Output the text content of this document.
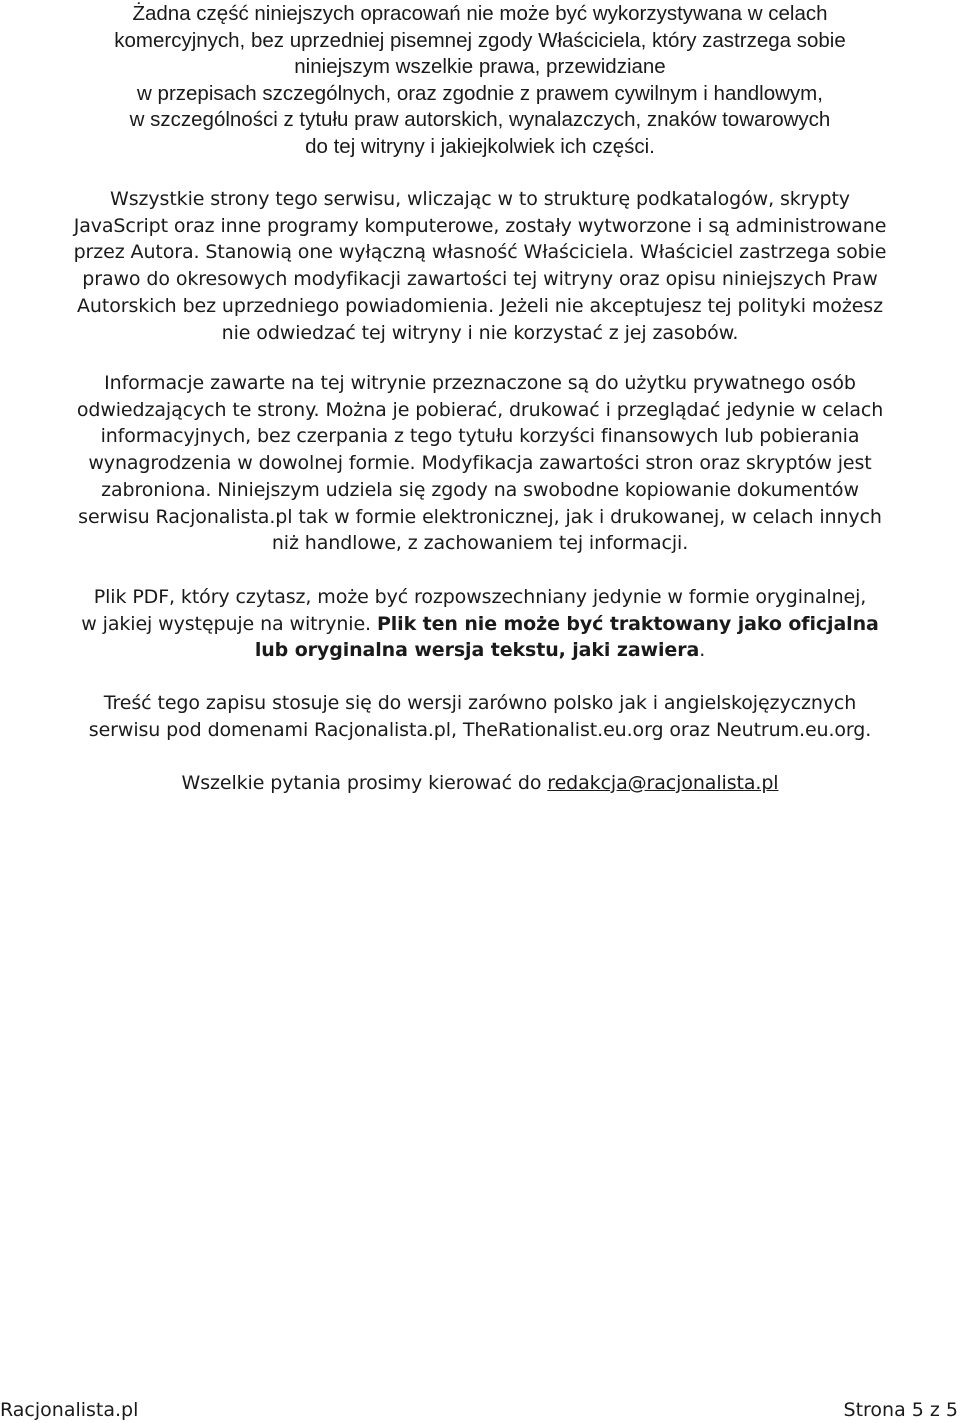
Żadna część niniejszych opracowań nie może być wykorzystywana w celach
komercyjnych, bez uprzedniej pisemnej zgody Właściciela, który zastrzega sobie
niniejszym wszelkie prawa, przewidziane
w przepisach szczególnych, oraz zgodnie z prawem cywilnym i handlowym,
w szczególności z tytułu praw autorskich, wynalazczych, znaków towarowych
do tej witryny i jakiejkolwiek ich części.
Wszystkie strony tego serwisu, wliczając w to strukturę podkatalogów, skrypty
JavaScript oraz inne programy komputerowe, zostały wytworzone i są administrowane
przez Autora. Stanowią one wyłączną własność Właściciela. Właściciel zastrzega sobie
prawo do okresowych modyfikacji zawartości tej witryny oraz opisu niniejszych Praw
Autorskich bez uprzedniego powiadomienia. Jeżeli nie akceptujesz tej polityki możesz
nie odwiedzać tej witryny i nie korzystać z jej zasobów.
Informacje zawarte na tej witrynie przeznaczone są do użytku prywatnego osób
odwiedzających te strony. Można je pobierać, drukować i przeglądać jedynie w celach
informacyjnych, bez czerpania z tego tytułu korzyści finansowych lub pobierania
wynagrodzenia w dowolnej formie. Modyfikacja zawartości stron oraz skryptów jest
zabroniona. Niniejszym udziela się zgody na swobodne kopiowanie dokumentów
serwisu Racjonalista.pl tak w formie elektronicznej, jak i drukowanej, w celach innych
niż handlowe, z zachowaniem tej informacji.
Plik PDF, który czytasz, może być rozpowszechniany jedynie w formie oryginalnej,
w jakiej występuje na witrynie. Plik ten nie może być traktowany jako oficjalna
lub oryginalna wersja tekstu, jaki zawiera.
Treść tego zapisu stosuje się do wersji zarówno polsko jak i angielskojęzycznych
serwisu pod domenami Racjonalista.pl, TheRationalist.eu.org oraz Neutrum.eu.org.
Wszelkie pytania prosimy kierować do redakcja@racjonalista.pl
Racjonalista.pl	Strona 5 z 5
